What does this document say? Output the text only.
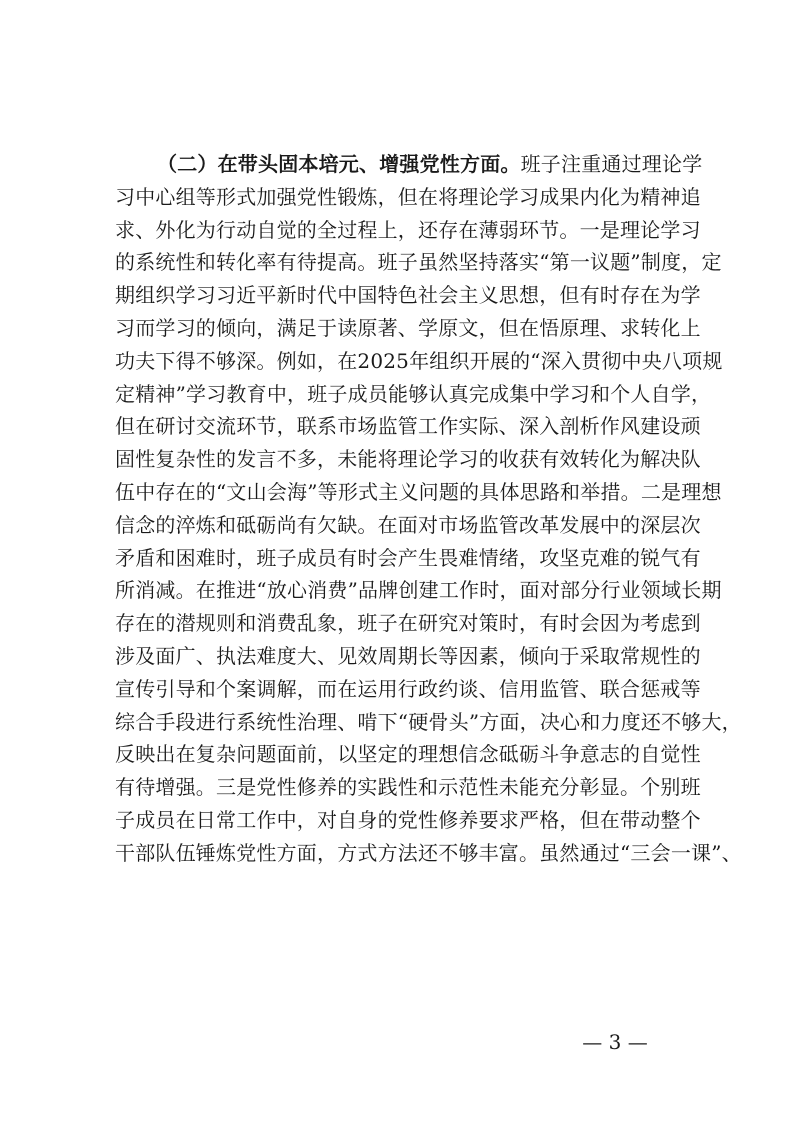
（二）在带头固本培元、增强党性方面。班子注重通过理论学
习中心组等形式加强党性锻炼，但在将理论学习成果内化为精神追
求、外化为行动自觉的全过程上，还存在薄弱环节。一是理论学习
的系统性和转化率有待提高。班子虽然坚持落实“第一议题”制度，定
期组织学习习近平新时代中国特色社会主义思想，但有时存在为学
习而学习的倾向，满足于读原著、学原文，但在悟原理、求转化上
功夫下得不够深。例如，在2025年组织开展的“深入贯彻中央八项规
定精神”学习教育中，班子成员能够认真完成集中学习和个人自学，
但在研讨交流环节，联系市场监管工作实际、深入剖析作风建设顽
固性复杂性的发言不多，未能将理论学习的收获有效转化为解决队
伍中存在的“文山会海”等形式主义问题的具体思路和举措。二是理想
信念的淬炼和砥砺尚有欠缺。在面对市场监管改革发展中的深层次
矛盾和困难时，班子成员有时会产生畏难情绪，攻坚克难的锐气有
所消减。在推进“放心消费”品牌创建工作时，面对部分行业领域长期
存在的潜规则和消费乱象，班子在研究对策时，有时会因为考虑到
涉及面广、执法难度大、见效周期长等因素，倾向于采取常规性的
宣传引导和个案调解，而在运用行政约谈、信用监管、联合惩戒等
综合手段进行系统性治理、啃下“硬骨头”方面，决心和力度还不够大，
反映出在复杂问题面前，以坚定的理想信念砥砺斗争意志的自觉性
有待增强。三是党性修养的实践性和示范性未能充分彰显。个别班
子成员在日常工作中，对自身的党性修养要求严格，但在带动整个
干部队伍锤炼党性方面，方式方法还不够丰富。虽然通过“三会一课”、
— 3 —
